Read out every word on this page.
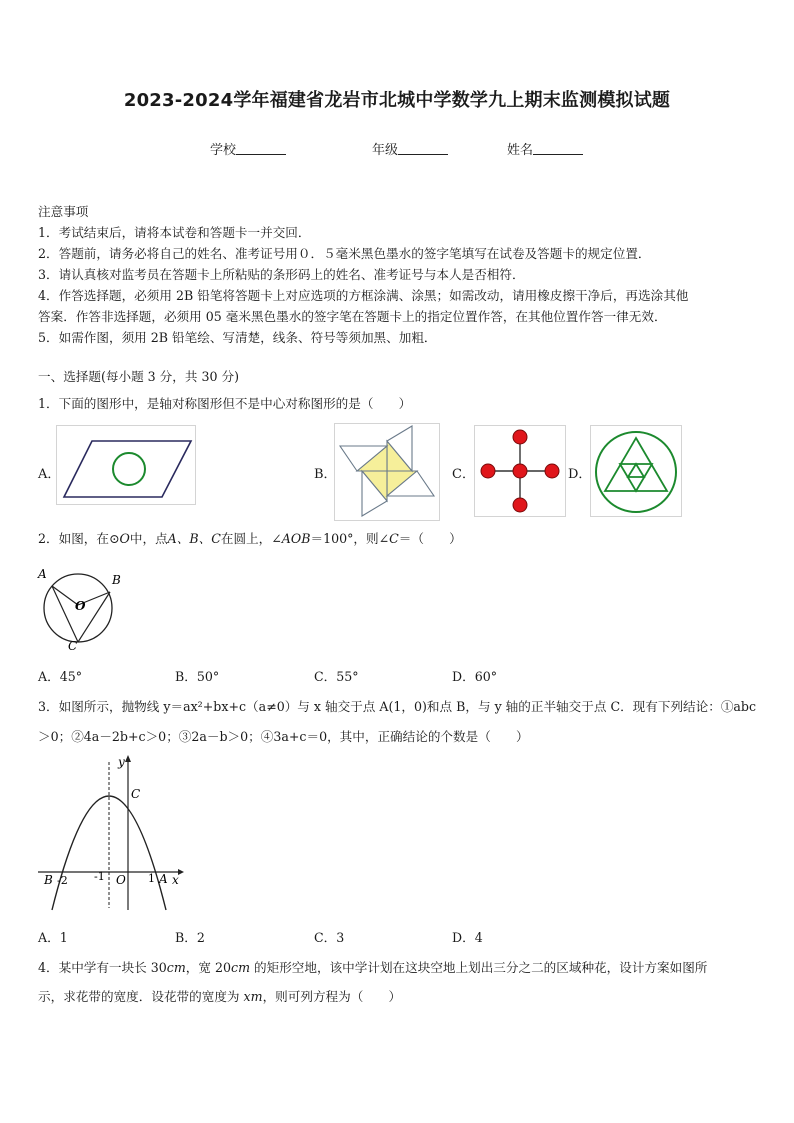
2023-2024学年福建省龙岩市北城中学数学九上期末监测模拟试题
学校	年级	姓名
注意事项
1．考试结束后，请将本试卷和答题卡一并交回．
2．答题前，请务必将自己的姓名、准考证号用０．５毫米黑色墨水的签字笔填写在试卷及答题卡的规定位置．
3．请认真核对监考员在答题卡上所粘贴的条形码上的姓名、准考证号与本人是否相符．
4．作答选择题，必须用 2B 铅笔将答题卡上对应选项的方框涂满、涂黑；如需改动，请用橡皮擦干净后，再选涂其他
答案．作答非选择题，必须用 05 毫米黑色墨水的签字笔在答题卡上的指定位置作答，在其他位置作答一律无效．
5．如需作图，须用 2B 铅笔绘、写清楚，线条、符号等须加黑、加粗．
一、选择题(每小题 3 分，共 30 分)
1．下面的图形中，是轴对称图形但不是中心对称图形的是（　　）
A．	B．	C．	D．
2．如图，在⊙O中，点A、B、C在圆上，∠AOB＝100°，则∠C＝（　　）
A	B
O
C
A．45°	B．50°	C．55°	D．60°
3．如图所示，抛物线 y＝ax²+bx+c（a≠0）与 x 轴交于点 A(1，0)和点 B，与 y 轴的正半轴交于点 C．现有下列结论：①abc
＞0；②4a－2b+c＞0；③2a－b＞0；④3a+c＝0，其中，正确结论的个数是（　　）
y
x
C
B -2 -1 O 1 A
A．1	B．2	C．3	D．4
4．某中学有一块长 30cm，宽 20cm 的矩形空地，该中学计划在这块空地上划出三分之二的区域种花，设计方案如图所
示，求花带的宽度．设花带的宽度为 xm，则可列方程为（　　）
